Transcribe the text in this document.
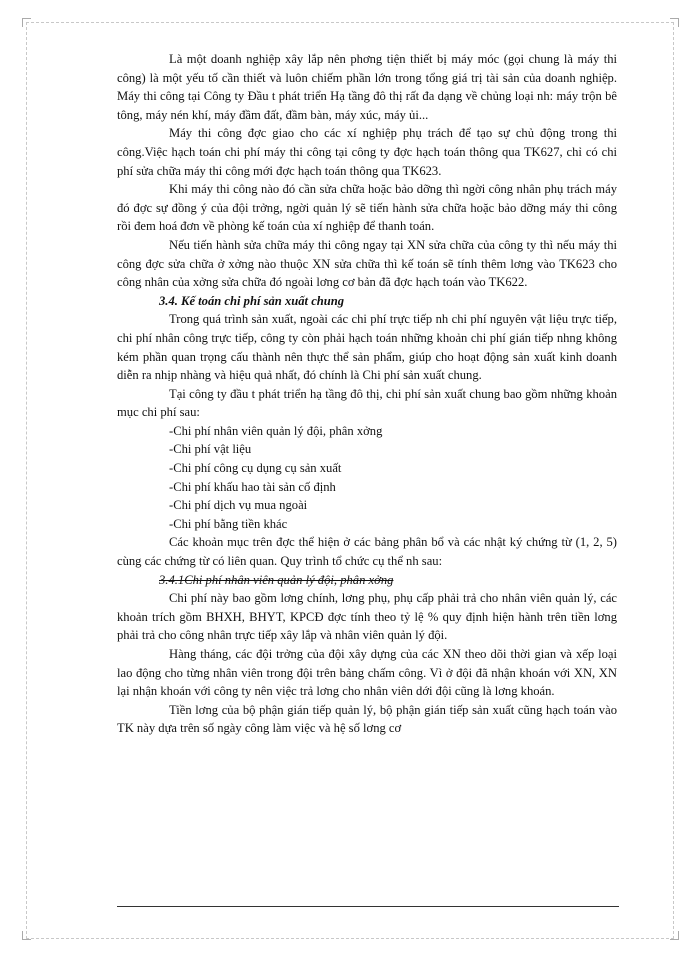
Là một doanh nghiệp xây lắp nên phơng tiện thiết bị máy móc (gọi chung là máy thi công) là một yếu tố cần thiết và luôn chiếm phần lớn trong tổng giá trị tài sản của doanh nghiệp. Máy thi công tại Công ty Đầu t phát triển Hạ tầng đô thị rất đa dạng về chủng loại nh: máy trộn bê tông, máy nén khí, máy đầm đất, đầm bàn, máy xúc, máy ủi...

Máy thi công đợc giao cho các xí nghiệp phụ trách để tạo sự chủ động trong thi công.Việc hạch toán chi phí máy thi công tại công ty đợc hạch toán thông qua TK627, chỉ có chi phí sửa chữa máy thi công mới đợc hạch toán thông qua TK623.

Khi máy thi công nào đó cần sửa chữa hoặc bảo dỡng thì ngời công nhân phụ trách máy đó đợc sự đồng ý của đội trởng, ngời quản lý sẽ tiến hành sửa chữa hoặc bảo dỡng máy thi công rồi đem hoá đơn về phòng kế toán của xí nghiệp để thanh toán.

Nếu tiến hành sửa chữa máy thi công ngay tại XN sửa chữa của công ty thì nếu máy thi công đợc sửa chữa ở xởng nào thuộc XN sửa chữa thì kế toán sẽ tính thêm lơng vào TK623 cho công nhân của xởng sửa chữa đó ngoài lơng cơ bản đã đợc hạch toán vào TK622.

3.4. Kế toán chi phí sản xuất chung

Trong quá trình sản xuất, ngoài các chi phí trực tiếp nh chi phí nguyên vật liệu trực tiếp, chi phí nhân công trực tiếp, công ty còn phải hạch toán những khoản chi phí gián tiếp nhng không kém phần quan trọng cấu thành nên thực thể sản phẩm, giúp cho hoạt động sản xuất kinh doanh diễn ra nhịp nhàng và hiệu quả nhất, đó chính là Chi phí sản xuất chung.

Tại công ty đầu t phát triển hạ tầng đô thị, chi phí sản xuất chung bao gồm những khoản mục chi phí sau:

-Chi phí nhân viên quản lý đội, phân xởng

-Chi phí vật liệu

-Chi phí công cụ dụng cụ sản xuất

-Chi phí khấu hao tài sản cố định

-Chi phí dịch vụ mua ngoài

-Chi phí bằng tiền khác

Các khoản mục trên đợc thể hiện ở các bảng phân bổ và các nhật ký chứng từ (1, 2, 5) cùng các chứng từ có liên quan. Quy trình tổ chức cụ thể nh sau:

3.4.1Chi phí nhân viên quản lý đội, phân xởng

Chi phí này bao gồm lơng chính, lơng phụ, phụ cấp phải trả cho nhân viên quản lý, các khoản trích gồm BHXH, BHYT, KPCĐ đợc tính theo tỷ lệ % quy định hiện hành trên tiền lơng phải trả cho công nhân trực tiếp xây lắp và nhân viên quản lý đội.

Hàng tháng, các đội trởng của đội xây dựng của các XN theo dõi thời gian và xếp loại lao động cho từng nhân viên trong đội trên bảng chấm công. Vì ở đội đã nhận khoán với XN, XN lại nhận khoán với công ty nên việc trả lơng cho nhân viên dới đội cũng là lơng khoán.

Tiền lơng của bộ phận gián tiếp quản lý, bộ phận gián tiếp sản xuất cũng hạch toán vào TK này dựa trên số ngày công làm việc và hệ số lơng cơ
